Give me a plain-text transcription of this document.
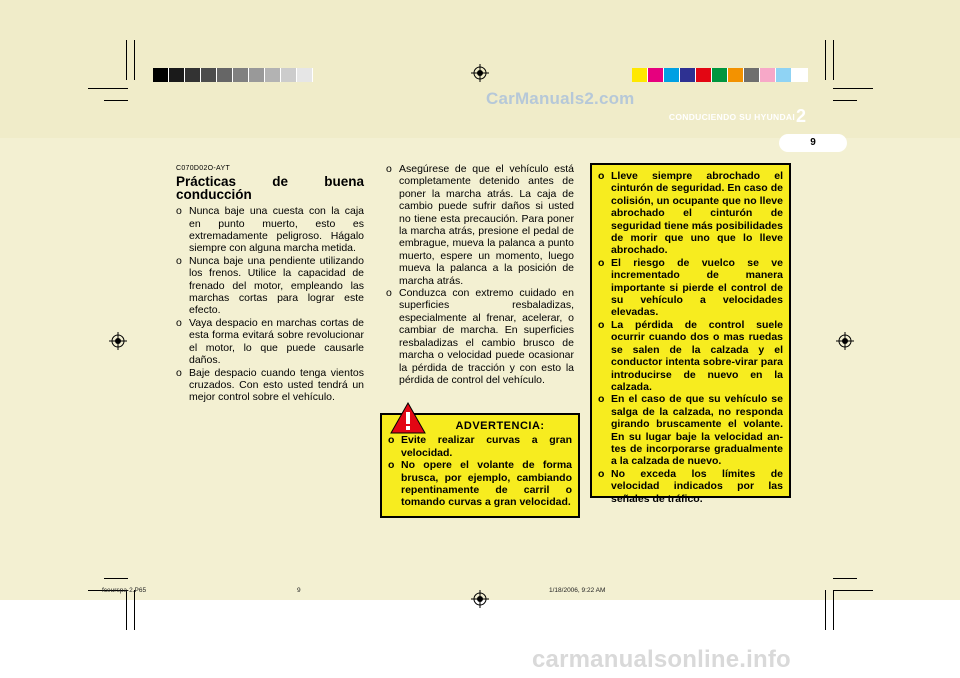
CarManuals2.com
CONDUCIENDO SU HYUNDAI 2
9

C070D02O-AYT

Prácticas de buena conducción
o Nunca baje una cuesta con la caja en punto muerto, esto es extremadamente peligroso. Hágalo siempre con alguna marcha metida.
o Nunca baje una pendiente utilizando los frenos. Utilice la capacidad de frenado del motor, empleando las marchas cortas para lograr este efecto.
o Vaya despacio en marchas cortas de esta forma evitará sobre revolucionar el motor, lo que puede causarle daños.
o Baje despacio cuando tenga vientos cruzados. Con esto usted tendrá un mejor control sobre el vehículo.
o Asegúrese de que el vehículo está completamente detenido antes de poner la marcha atrás. La caja de cambio puede sufrir daños si usted no tiene esta precaución. Para poner la marcha atrás, presione el pedal de embrague, mueva la palanca a punto muerto, espere un momento, luego mueva la palanca a la posición de marcha atrás.
o Conduzca con extremo cuidado en superficies resbaladizas, especialmente al frenar, acelerar, o cambiar de marcha. En superficies resbaladizas el cambio brusco de marcha o velocidad puede ocasionar la pérdida de tracción y con esto la pérdida de control del vehículo.
ADVERTENCIA:
o Evite realizar curvas a gran velocidad.
o No opere el volante de forma brusca, por ejemplo, cambiando repentinamente de carril o tomando curvas a gran velocidad.
o Lleve siempre abrochado el cinturón de seguridad. En caso de colisión, un ocupante que no lleve abrochado el cinturón de seguridad tiene más posibilidades de morir que uno que lo lleve abrochado.
o El riesgo de vuelco se ve incrementado de manera importante si pierde el control de su vehículo a velocidades elevadas.
o La pérdida de control suele ocurrir cuando dos o mas ruedas se salen de la calzada y el conductor intenta sobre-virar para introducirse de nuevo en la calzada.
o En el caso de que su vehículo se salga de la calzada, no responda girando bruscamente el volante. En su lugar baje la velocidad an-tes de incorporarse gradualmente a la calzada de nuevo.
o No exceda los límites de velocidad indicados por las señales de tráfico.
fceurspa-2.P65	9	1/18/2006, 9:22 AM
carmanualsonline.info
